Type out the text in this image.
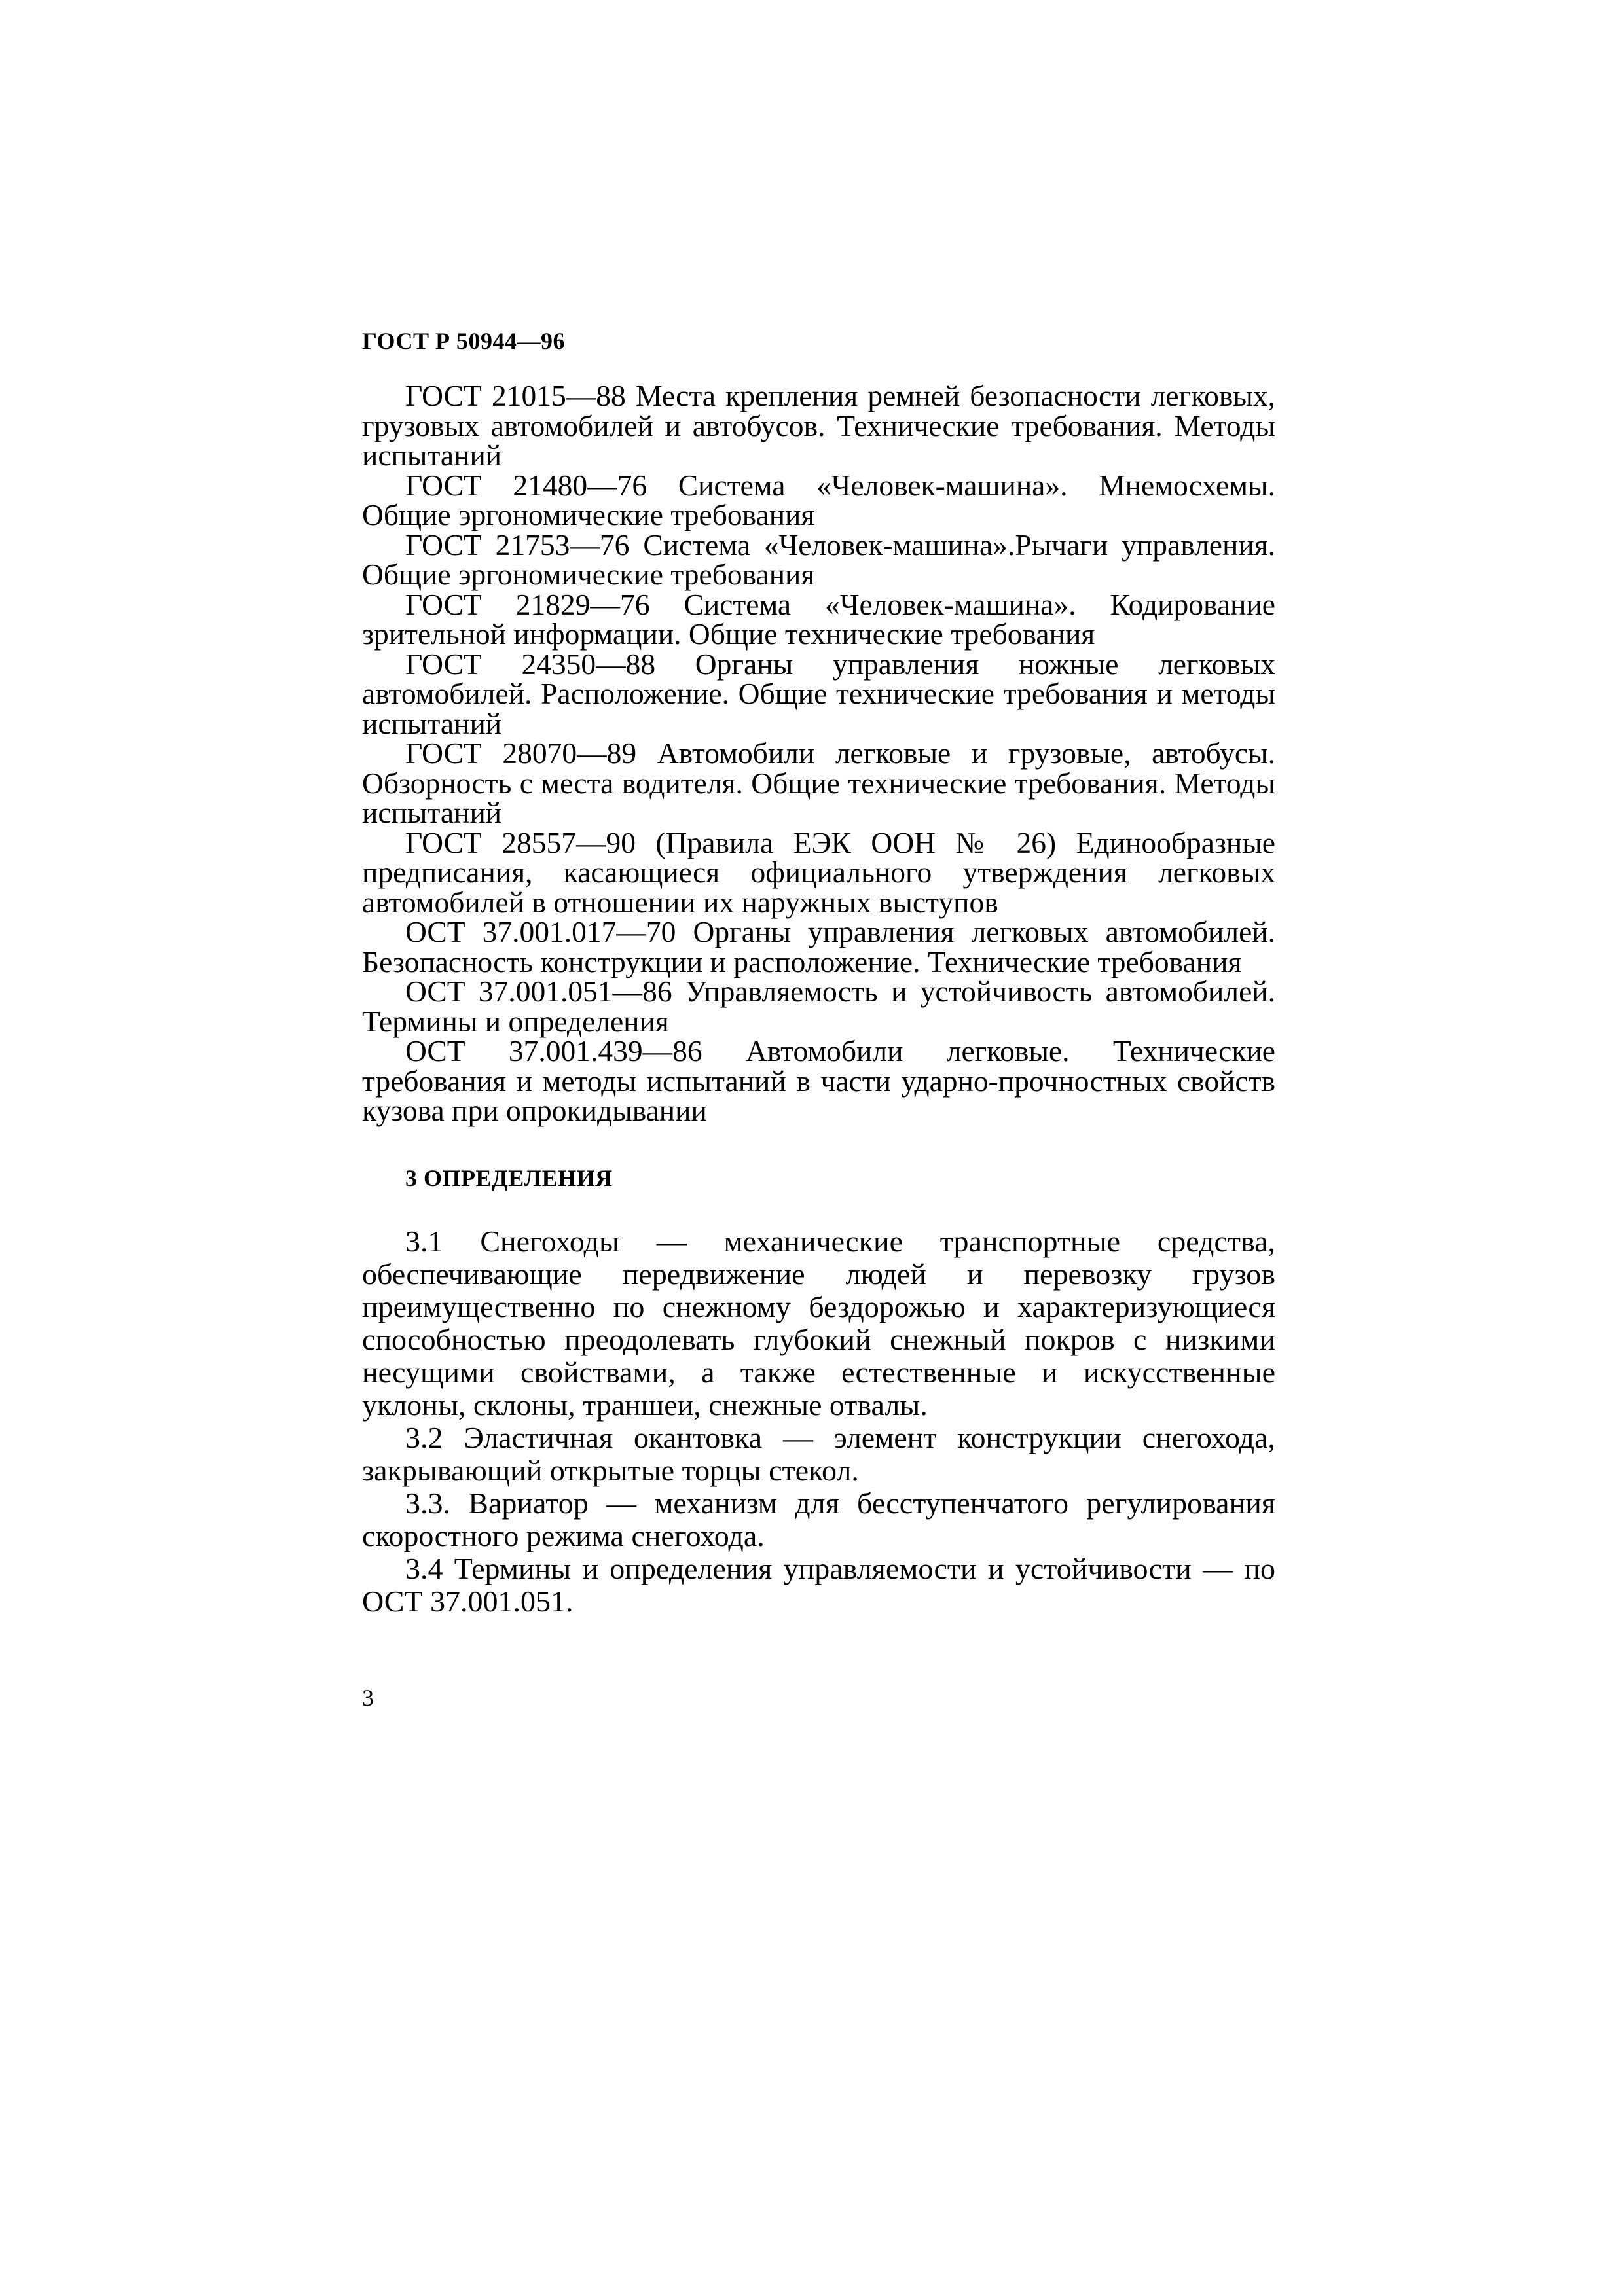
ГОСТ Р 50944—96

ГОСТ 21015—88 Места крепления ремней безопасности легковых, грузовых автомобилей и автобусов. Технические требования. Методы испытаний

ГОСТ 21480—76 Система «Человек-машина». Мнемосхемы. Общие эргономические требования

ГОСТ 21753—76 Система «Человек-машина».Рычаги управления. Общие эргономические требования

ГОСТ 21829—76 Система «Человек-машина». Кодирование зрительной информации. Общие технические требования

ГОСТ 24350—88 Органы управления ножные легковых автомобилей. Расположение. Общие технические требования и методы испытаний

ГОСТ 28070—89 Автомобили легковые и грузовые, автобусы. Обзорность с места водителя. Общие технические требования. Методы испытаний

ГОСТ 28557—90 (Правила ЕЭК ООН № 26) Единообразные предписания, касающиеся официального утверждения легковых автомобилей в отношении их наружных выступов

ОСТ 37.001.017—70 Органы управления легковых автомобилей. Безопасность конструкции и расположение. Технические требования

ОСТ 37.001.051—86 Управляемость и устойчивость автомобилей. Термины и определения

ОСТ 37.001.439—86 Автомобили легковые. Технические требования и методы испытаний в части ударно-прочностных свойств кузова при опрокидывании

3 ОПРЕДЕЛЕНИЯ

3.1 Снегоходы — механические транспортные средства, обеспечивающие передвижение людей и перевозку грузов преимущественно по снежному бездорожью и характеризующиеся способностью преодолевать глубокий снежный покров с низкими несущими свойствами, а также естественные и искусственные уклоны, склоны, траншеи, снежные отвалы.

3.2 Эластичная окантовка — элемент конструкции снегохода, закрывающий открытые торцы стекол.

3.3. Вариатор — механизм для бесступенчатого регулирования скоростного режима снегохода.

3.4 Термины и определения управляемости и устойчивости — по ОСТ 37.001.051.

3
